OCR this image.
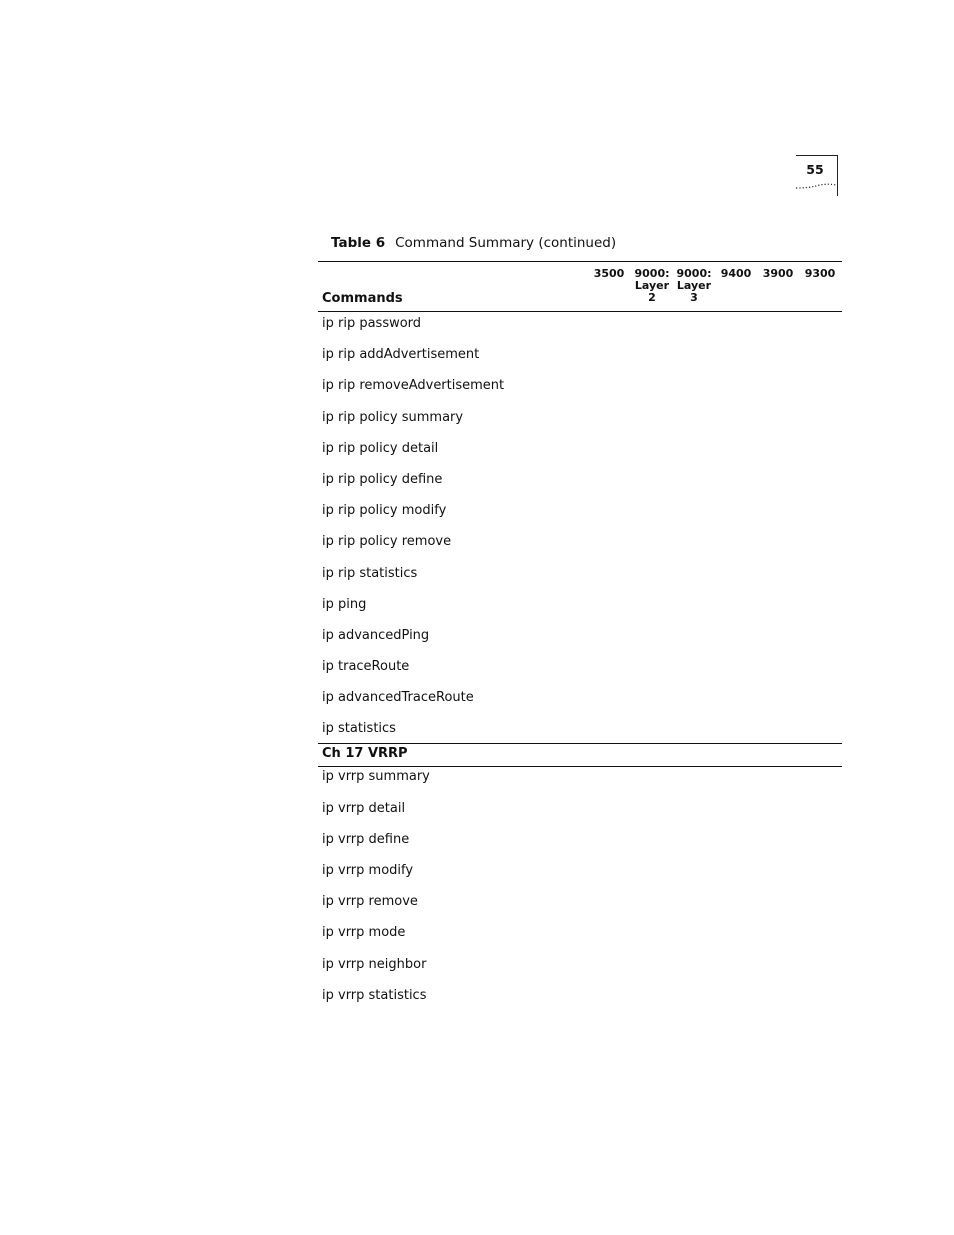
55
Table 6 Command Summary (continued)
3500 9000:
Layer
2
9000:
Layer
3
9400	3900	9300
Commands
ip rip password
ip rip addAdvertisement
ip rip removeAdvertisement
ip rip policy summary
ip rip policy detail
ip rip policy define
ip rip policy modify
ip rip policy remove
ip rip statistics
ip ping
ip advancedPing
ip traceRoute
ip advancedTraceRoute
ip statistics
Ch 17 VRRP
ip vrrp summary
ip vrrp detail
ip vrrp define
ip vrrp modify
ip vrrp remove
ip vrrp mode
ip vrrp neighbor
ip vrrp statistics
